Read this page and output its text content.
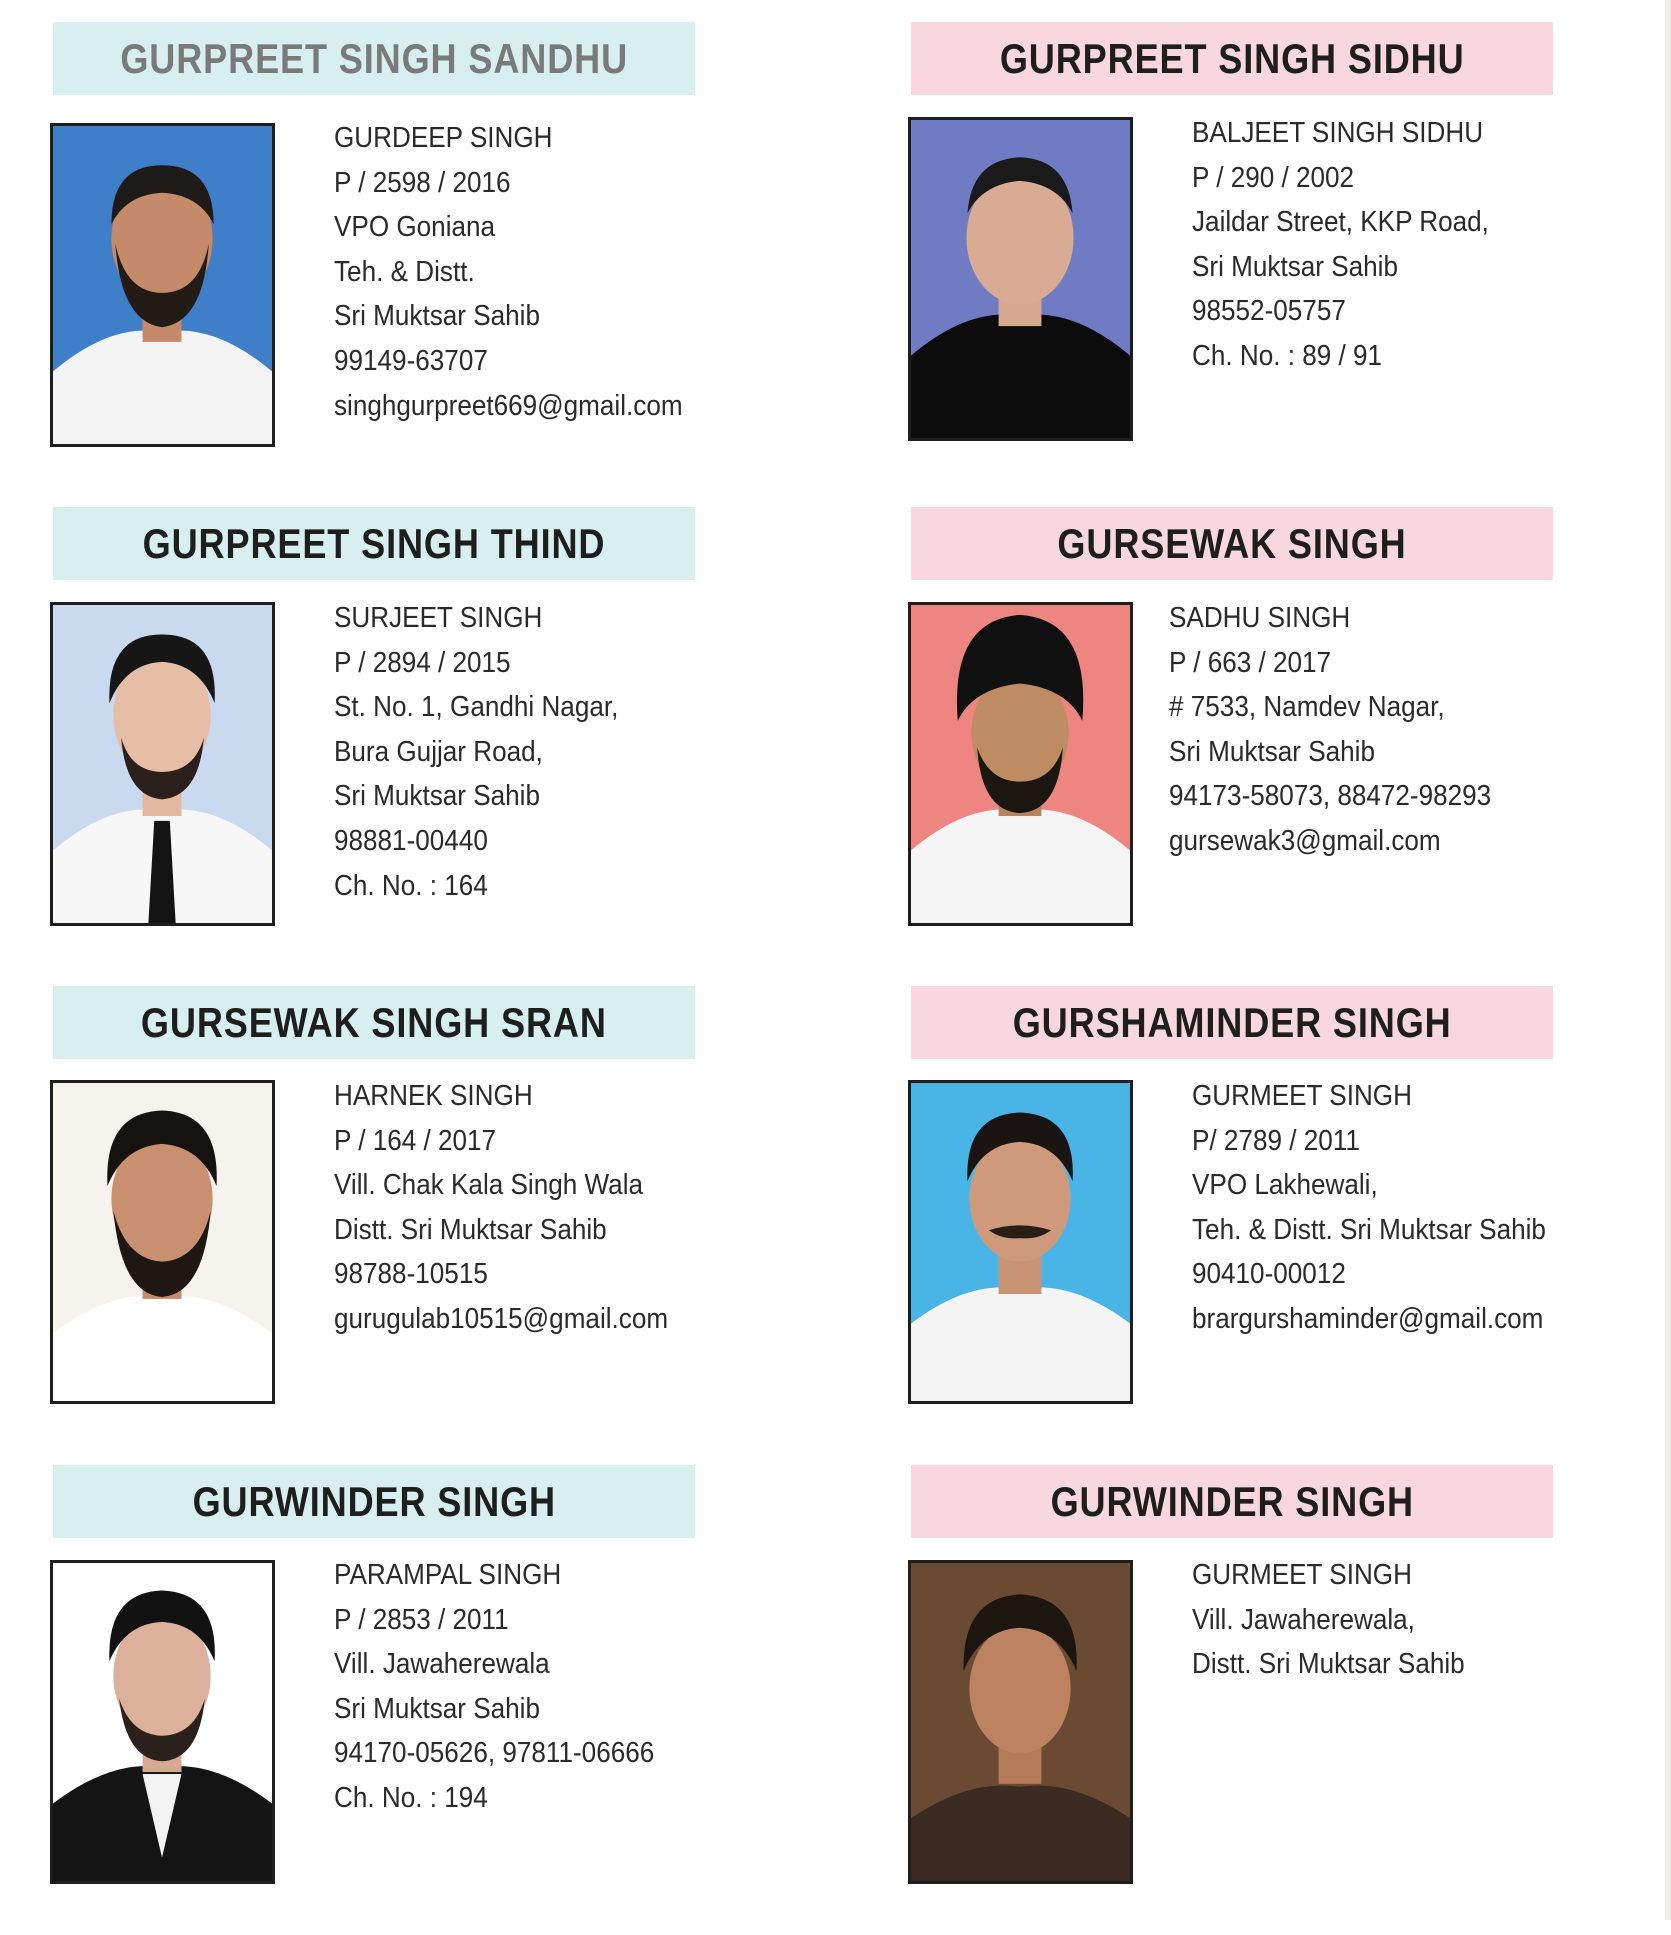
GURPREET SINGH SANDHU
GURDEEP SINGH
P / 2598 / 2016
VPO Goniana
Teh. & Distt.
Sri Muktsar Sahib
99149-63707
singhgurpreet669@gmail.com
GURPREET SINGH SIDHU
BALJEET SINGH SIDHU
P / 290 / 2002
Jaildar Street, KKP Road,
Sri Muktsar Sahib
98552-05757
Ch. No. : 89 / 91
GURPREET SINGH THIND
SURJEET SINGH
P / 2894 / 2015
St. No. 1, Gandhi Nagar,
Bura Gujjar Road,
Sri Muktsar Sahib
98881-00440
Ch. No. : 164
GURSEWAK SINGH
SADHU SINGH
P / 663 / 2017
# 7533, Namdev Nagar,
Sri Muktsar Sahib
94173-58073, 88472-98293
gursewak3@gmail.com
GURSEWAK SINGH SRAN
HARNEK SINGH
P / 164 / 2017
Vill. Chak Kala Singh Wala
Distt. Sri Muktsar Sahib
98788-10515
gurugulab10515@gmail.com
GURSHAMINDER SINGH
GURMEET SINGH
P/ 2789 / 2011
VPO Lakhewali,
Teh. & Distt. Sri Muktsar Sahib
90410-00012
brargurshaminder@gmail.com
GURWINDER SINGH
PARAMPAL SINGH
P / 2853 / 2011
Vill. Jawaherewala
Sri Muktsar Sahib
94170-05626, 97811-06666
Ch. No. : 194
GURWINDER SINGH
GURMEET SINGH
Vill. Jawaherewala,
Distt. Sri Muktsar Sahib
